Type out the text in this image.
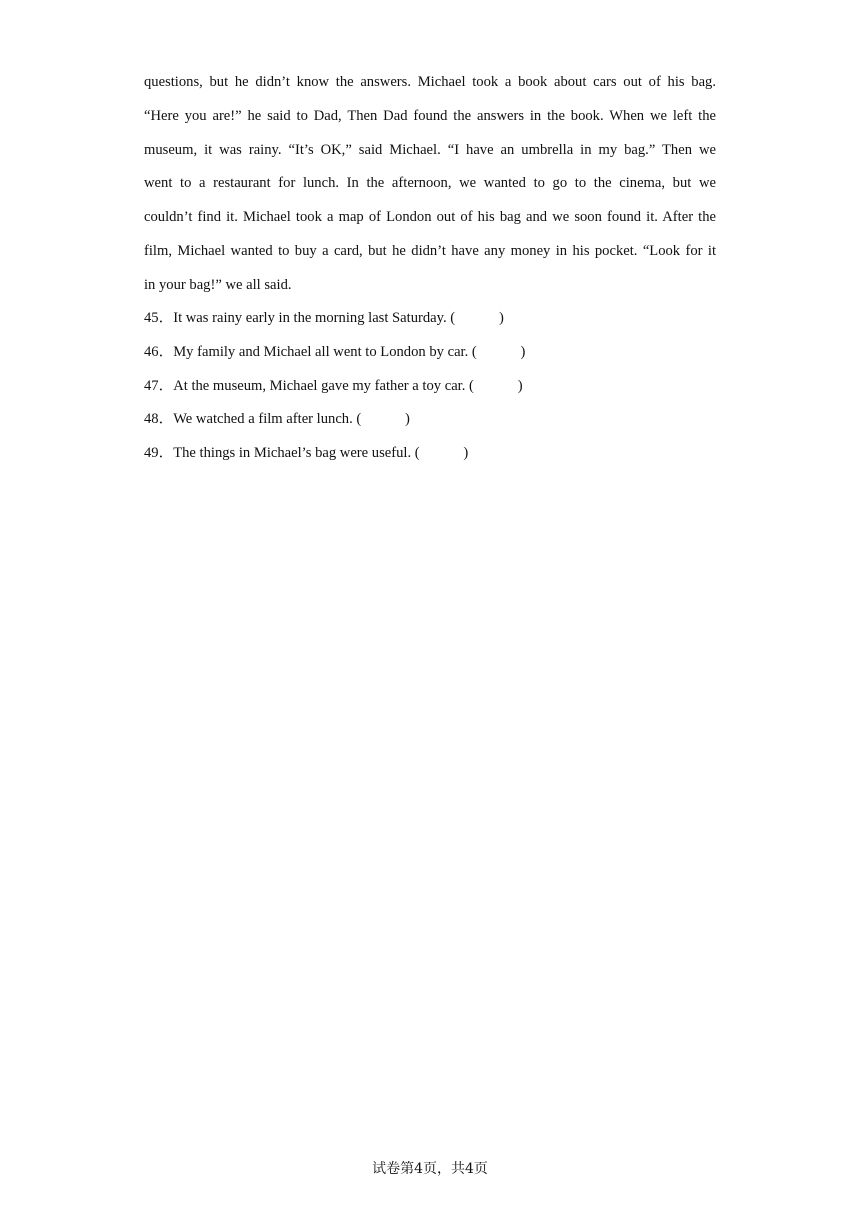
questions, but he didn’t know the answers. Michael took a book about cars out of his bag.
“Here you are!” he said to Dad, Then Dad found the answers in the book. When we left the
museum, it was rainy. “It’s OK,” said Michael. “I have an umbrella in my bag.” Then we
went to a restaurant for lunch. In the afternoon, we wanted to go to the cinema, but we
couldn’t find it. Michael took a map of London out of his bag and we soon found it. After the
film, Michael wanted to buy a card, but he didn’t have any money in his pocket. “Look for it
in your bag!” we all said.
45．It was rainy early in the morning last Saturday. (            )
46．My family and Michael all went to London by car. (            )
47．At the museum, Michael gave my father a toy car. (            )
48．We watched a film after lunch. (            )
49．The things in Michael’s bag were useful. (            )
试卷第4页，共4页
